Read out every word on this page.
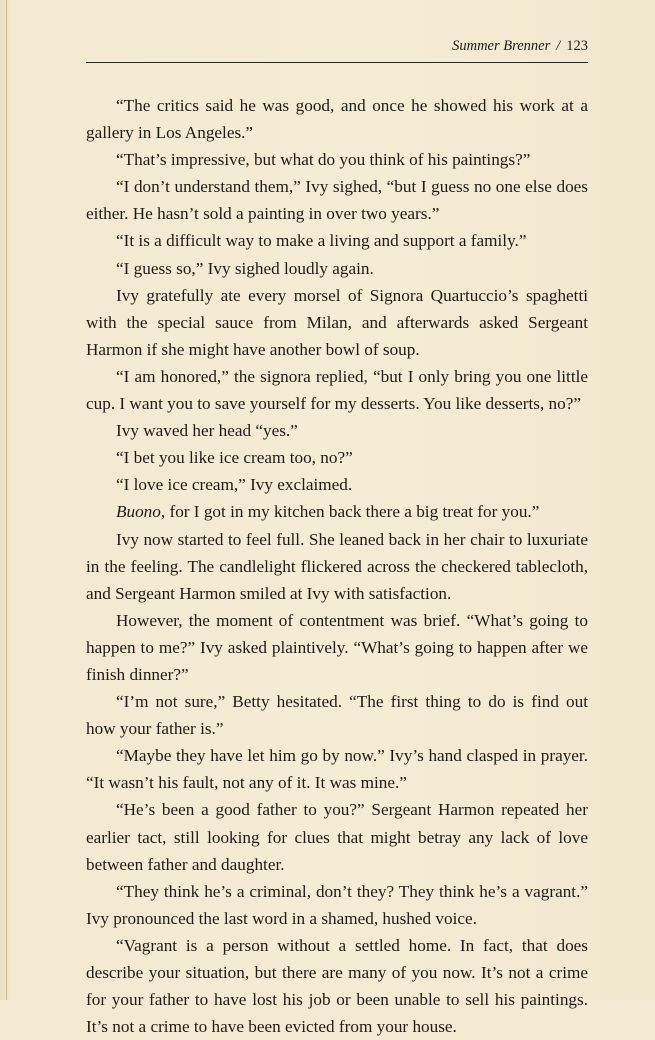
Summer Brenner / 123

“The critics said he was good, and once he showed his work at a gallery in Los Angeles.”

“That’s impressive, but what do you think of his paintings?”

“I don’t understand them,” Ivy sighed, “but I guess no one else does either. He hasn’t sold a painting in over two years.”

“It is a difficult way to make a living and support a family.”

“I guess so,” Ivy sighed loudly again.

Ivy gratefully ate every morsel of Signora Quartuccio’s spaghetti with the special sauce from Milan, and afterwards asked Sergeant Harmon if she might have another bowl of soup.

“I am honored,” the signora replied, “but I only bring you one little cup. I want you to save yourself for my desserts. You like desserts, no?”

Ivy waved her head “yes.”

“I bet you like ice cream too, no?”

“I love ice cream,” Ivy exclaimed.

Buono, for I got in my kitchen back there a big treat for you.”

Ivy now started to feel full. She leaned back in her chair to luxuriate in the feeling. The candlelight flickered across the checkered tablecloth, and Sergeant Harmon smiled at Ivy with satisfaction.

However, the moment of contentment was brief. “What’s going to happen to me?” Ivy asked plaintively. “What’s going to happen after we finish dinner?”

“I’m not sure,” Betty hesitated. “The first thing to do is find out how your father is.”

“Maybe they have let him go by now.” Ivy’s hand clasped in prayer. “It wasn’t his fault, not any of it. It was mine.”

“He’s been a good father to you?” Sergeant Harmon repeated her earlier tact, still looking for clues that might betray any lack of love between father and daughter.

“They think he’s a criminal, don’t they? They think he’s a vagrant.” Ivy pronounced the last word in a shamed, hushed voice.

“Vagrant is a person without a settled home. In fact, that does describe your situation, but there are many of you now. It’s not a crime for your father to have lost his job or been unable to sell his paintings. It’s not a crime to have been evicted from your house.
